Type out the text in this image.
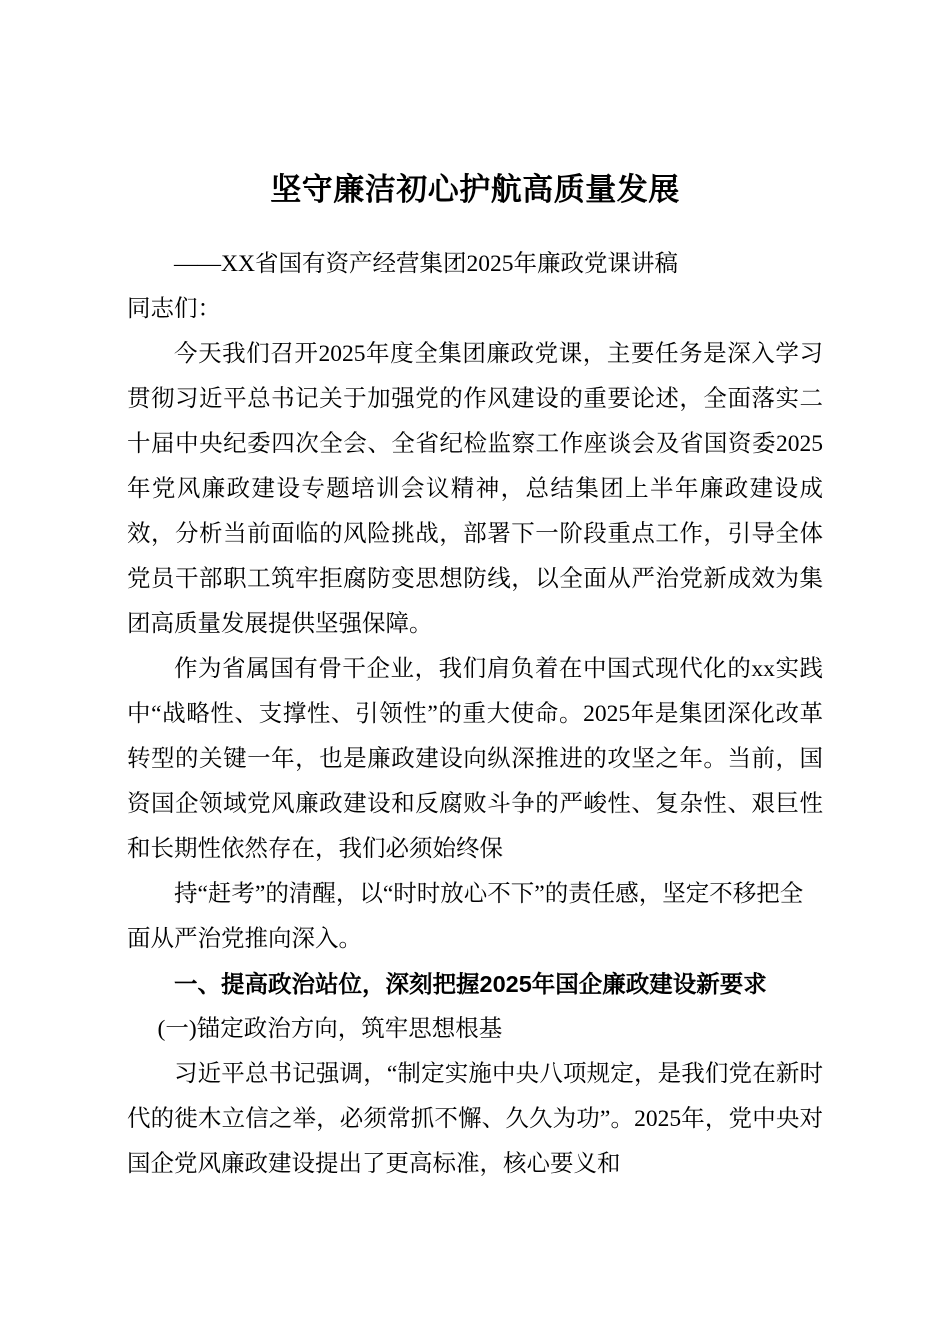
坚守廉洁初心护航高质量发展

——XX省国有资产经营集团2025年廉政党课讲稿

同志们：

今天我们召开2025年度全集团廉政党课，主要任务是深入学习贯彻习近平总书记关于加强党的作风建设的重要论述，全面落实二十届中央纪委四次全会、全省纪检监察工作座谈会及省国资委2025年党风廉政建设专题培训会议精神，总结集团上半年廉政建设成效，分析当前面临的风险挑战，部署下一阶段重点工作，引导全体党员干部职工筑牢拒腐防变思想防线，以全面从严治党新成效为集团高质量发展提供坚强保障。

作为省属国有骨干企业，我们肩负着在中国式现代化的xx实践中“战略性、支撑性、引领性”的重大使命。2025年是集团深化改革转型的关键一年，也是廉政建设向纵深推进的攻坚之年。当前，国资国企领域党风廉政建设和反腐败斗争的严峻性、复杂性、艰巨性和长期性依然存在，我们必须始终保

持“赶考”的清醒，以“时时放心不下”的责任感，坚定不移把全面从严治党推向深入。

一、提高政治站位，深刻把握2025年国企廉政建设新要求
(一)锚定政治方向，筑牢思想根基

习近平总书记强调，“制定实施中央八项规定，是我们党在新时代的徙木立信之举，必须常抓不懈、久久为功”。2025年，党中央对国企党风廉政建设提出了更高标准，核心要义和
